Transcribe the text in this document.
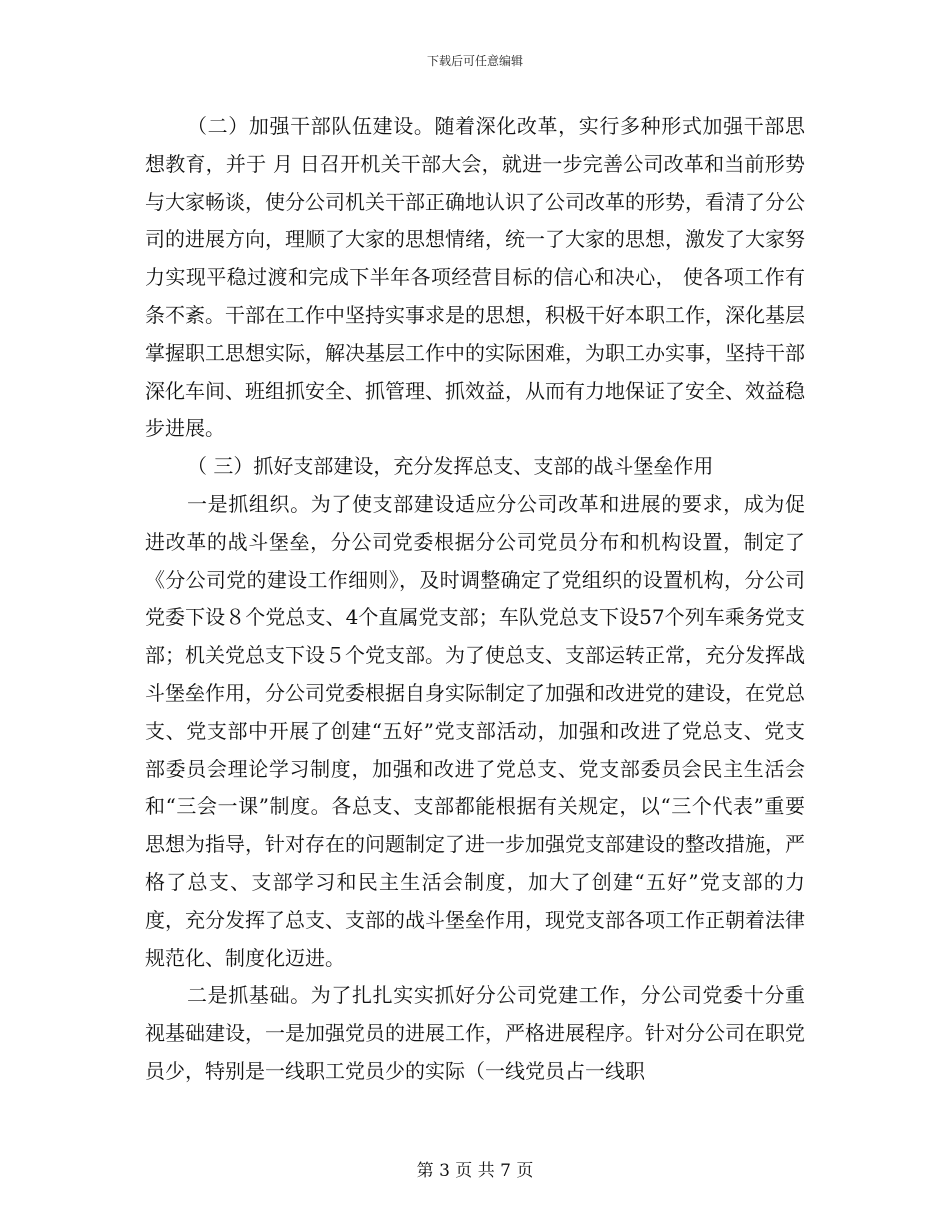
下载后可任意编辑

（二）加强干部队伍建设。随着深化改革，实行多种形式加强干部思想教育，并于 月 日召开机关干部大会，就进一步完善公司改革和当前形势与大家畅谈，使分公司机关干部正确地认识了公司改革的形势，看清了分公司的进展方向，理顺了大家的思想情绪，统一了大家的思想，激发了大家努力实现平稳过渡和完成下半年各项经营目标的信心和决心， 使各项工作有条不紊。干部在工作中坚持实事求是的思想，积极干好本职工作，深化基层掌握职工思想实际，解决基层工作中的实际困难，为职工办实事，坚持干部深化车间、班组抓安全、抓管理、抓效益，从而有力地保证了安全、效益稳步进展。

（ 三）抓好支部建设，充分发挥总支、支部的战斗堡垒作用

一是抓组织。为了使支部建设适应分公司改革和进展的要求，成为促进改革的战斗堡垒，分公司党委根据分公司党员分布和机构设置，制定了《分公司党的建设工作细则》，及时调整确定了党组织的设置机构，分公司党委下设８个党总支、4个直属党支部；车队党总支下设57个列车乘务党支部；机关党总支下设５个党支部。为了使总支、支部运转正常，充分发挥战斗堡垒作用，分公司党委根据自身实际制定了加强和改进党的建设，在党总支、党支部中开展了创建“五好”党支部活动，加强和改进了党总支、党支部委员会理论学习制度，加强和改进了党总支、党支部委员会民主生活会和“三会一课”制度。各总支、支部都能根据有关规定，以“三个代表”重要思想为指导，针对存在的问题制定了进一步加强党支部建设的整改措施，严格了总支、支部学习和民主生活会制度，加大了创建“五好”党支部的力度，充分发挥了总支、支部的战斗堡垒作用，现党支部各项工作正朝着法律规范化、制度化迈进。

二是抓基础。为了扎扎实实抓好分公司党建工作，分公司党委十分重视基础建设，一是加强党员的进展工作，严格进展程序。针对分公司在职党员少，特别是一线职工党员少的实际（一线党员占一线职

第 3 页 共 7 页
